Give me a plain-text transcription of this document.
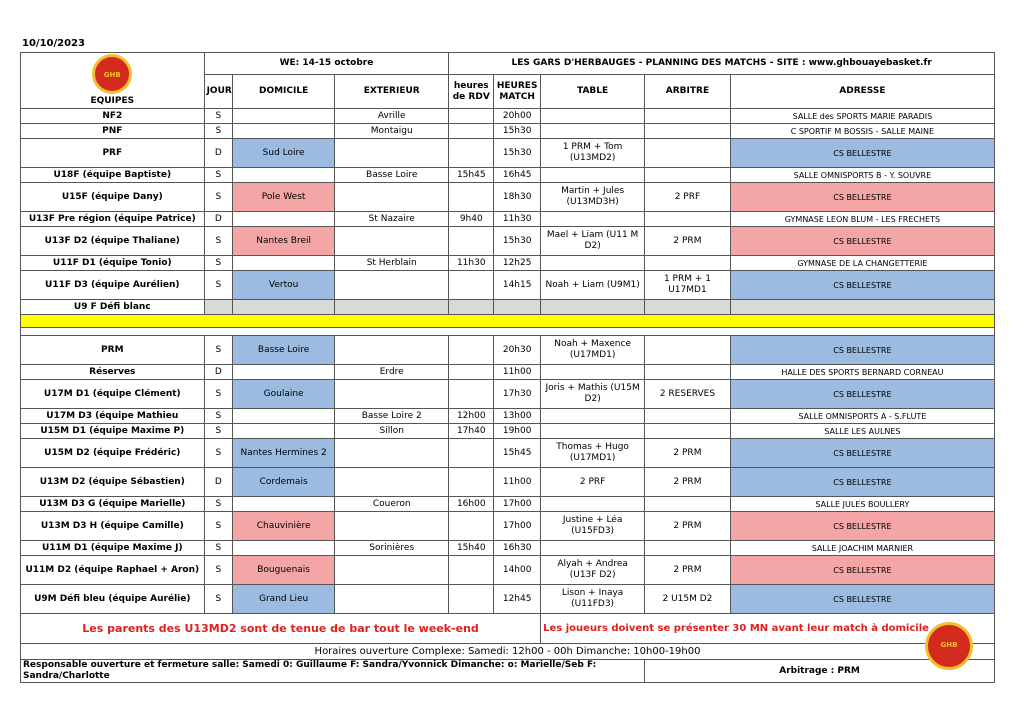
10/10/2023
GHB
EQUIPES	WE: 14-15 octobre			LES GARS D'HERBAUGES - PLANNING DES MATCHS - SITE : www.ghbouayebasket.fr				
	JOUR	DOMICILE	EXTERIEUR	heures de RDV	HEURES MATCH	TABLE	ARBITRE	ADRESSE
NF2	S		Avrille		20h00			SALLE des SPORTS MARIE PARADIS
PNF	S		Montaigu		15h30			C SPORTIF M BOSSIS - SALLE MAINE
PRF	D	Sud Loire			15h30	1 PRM + Tom (U13MD2)		CS BELLESTRE
U18F (équipe Baptiste)	S		Basse Loire	15h45	16h45			SALLE OMNISPORTS B - Y. SOUVRE
U15F (équipe Dany)	S	Pole West			18h30	Martin + Jules (U13MD3H)	2 PRF	CS BELLESTRE
U13F Pre région (équipe Patrice)	D		St Nazaire	9h40	11h30			GYMNASE LEON BLUM - LES FRECHETS
U13F D2 (équipe Thaliane)	S	Nantes Breil			15h30	Mael + Liam (U11 M D2)	2 PRM	CS BELLESTRE
U11F D1 (équipe Tonio)	S		St Herblain	11h30	12h25			GYMNASE DE LA CHANGETTERIE
U11F D3 (équipe Aurélien)	S	Vertou			14h15	Noah + Liam (U9M1)	1 PRM + 1 U17MD1	CS BELLESTRE
U9 F Défi blanc								

PRM	S	Basse Loire			20h30	Noah + Maxence (U17MD1)		CS BELLESTRE
Réserves	D		Erdre		11h00			HALLE DES SPORTS BERNARD CORNEAU
U17M D1 (équipe Clément)	S	Goulaine			17h30	Joris + Mathis (U15M D2)	2 RESERVES	CS BELLESTRE
U17M D3 (équipe Mathieu	S		Basse Loire 2	12h00	13h00			SALLE OMNISPORTS A - S.FLUTE
U15M D1 (équipe Maxime P)	S		Sillon	17h40	19h00			SALLE LES AULNES
U15M D2 (équipe Frédéric)	S	Nantes Hermines 2			15h45	Thomas + Hugo (U17MD1)	2 PRM	CS BELLESTRE
U13M D2 (équipe Sébastien)	D	Cordemais			11h00	2 PRF	2 PRM	CS BELLESTRE
U13M D3 G (équipe Marielle)	S		Coueron	16h00	17h00			SALLE JULES BOULLERY
U13M D3 H (équipe Camille)	S	Chauvinière			17h00	Justine + Léa (U15FD3)	2 PRM	CS BELLESTRE
U11M D1 (équipe Maxime J)	S		Sorinières	15h40	16h30			SALLE JOACHIM MARNIER
U11M D2 (équipe Raphael + Aron)	S	Bouguenais			14h00	Alyah + Andrea (U13F D2)	2 PRM	CS BELLESTRE
U9M Défi bleu (équipe Aurélie)	S	Grand Lieu			12h45	Lison + Inaya (U11FD3)	2 U15M D2	CS BELLESTRE
Les parents des U13MD2 sont de tenue de bar tout le week-end						Les joueurs doivent se présenter 30 MN avant leur match à domicile		
Horaires ouverture Complexe: Samedi: 12h00 - 00h Dimanche: 10h00-19h00								
Responsable ouverture et fermeture salle: Samedi 0: Guillaume F: Sandra/Yvonnick Dimanche: o: Marielle/Seb F: Sandra/Charlotte							Arbitrage : PRM	
GHB
